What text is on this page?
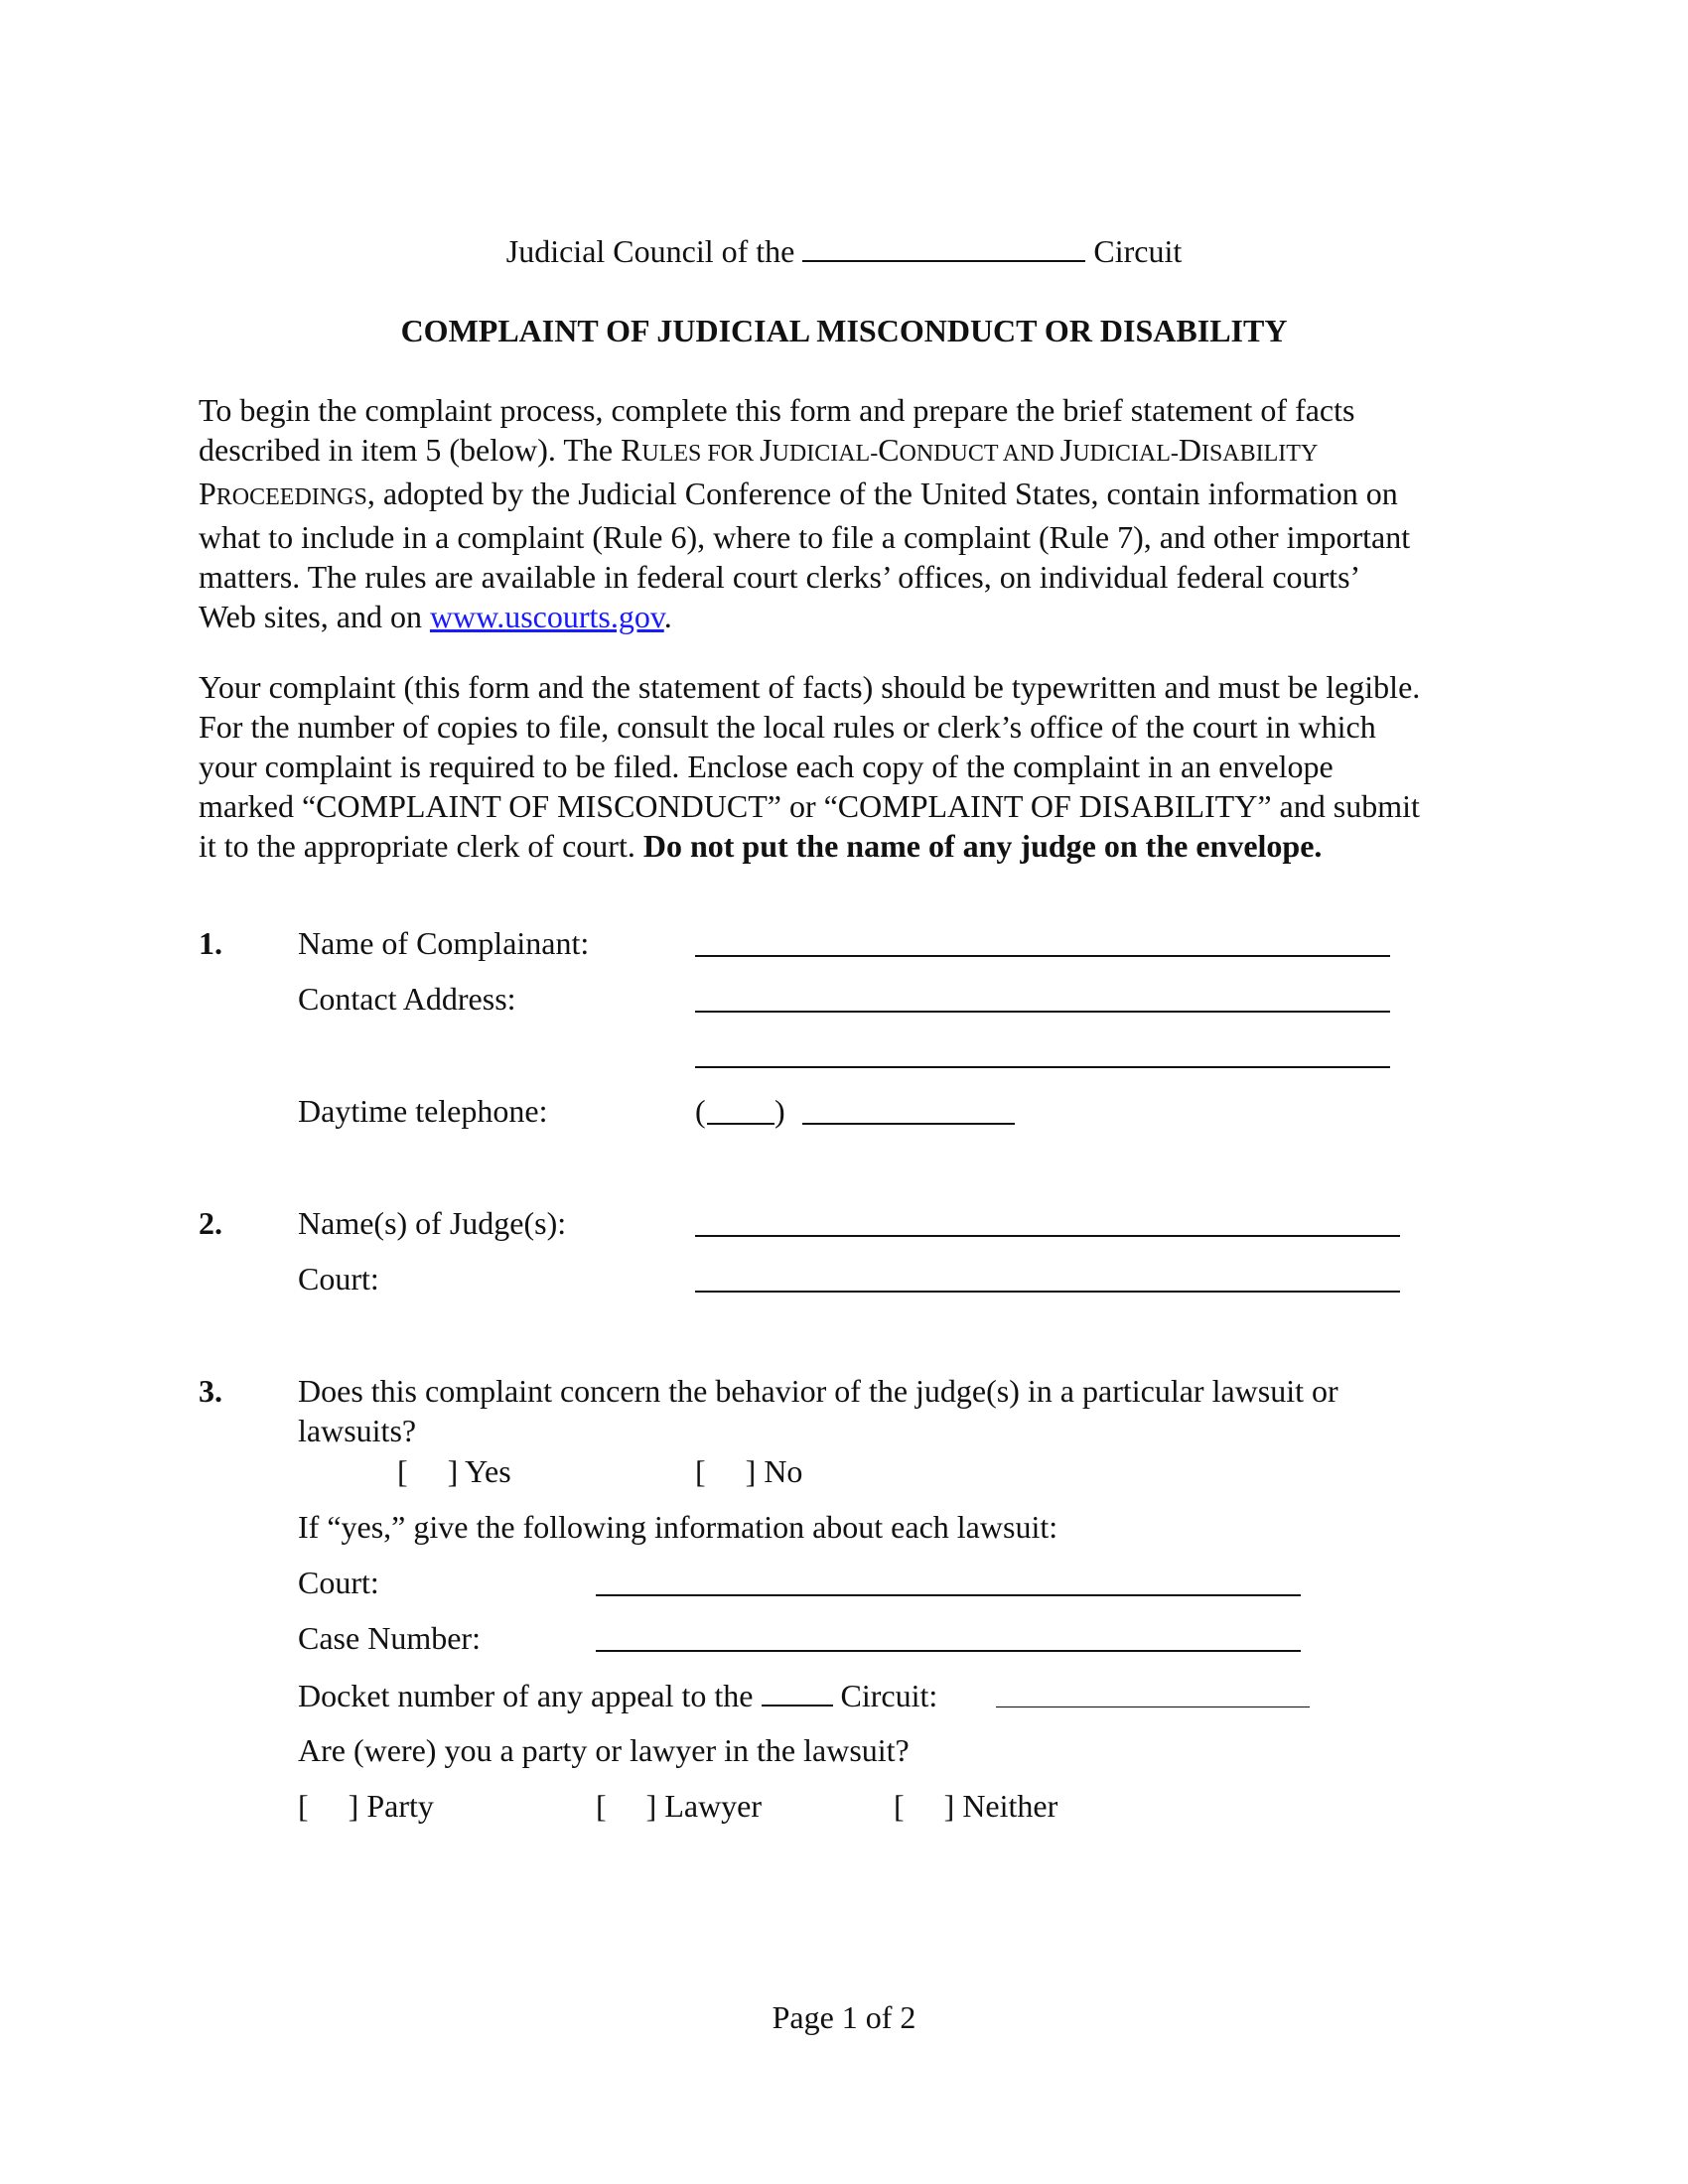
Judicial Council of the	Circuit
COMPLAINT OF JUDICIAL MISCONDUCT OR DISABILITY
To begin the complaint process, complete this form and prepare the brief statement of facts
described in item 5 (below). The RULES FOR JUDICIAL-CONDUCT AND JUDICIAL-DISABILITY
PROCEEDINGS, adopted by the Judicial Conference of the United States, contain information on
what to include in a complaint (Rule 6), where to file a complaint (Rule 7), and other important
matters. The rules are available in federal court clerks’ offices, on individual federal courts’
Web sites, and on www.uscourts.gov.
Your complaint (this form and the statement of facts) should be typewritten and must be legible.
For the number of copies to file, consult the local rules or clerk’s office of the court in which
your complaint is required to be filed. Enclose each copy of the complaint in an envelope
marked “COMPLAINT OF MISCONDUCT” or “COMPLAINT OF DISABILITY” and submit
it to the appropriate clerk of court. Do not put the name of any judge on the envelope.
1. Name of Complainant:
Contact Address:
Daytime telephone:	( )
2. Name(s) of Judge(s):
Court:
3. Does this complaint concern the behavior of the judge(s) in a particular lawsuit or
lawsuits?
[ ] Yes	[ ] No
If “yes,” give the following information about each lawsuit:
Court:
Case Number:
Docket number of any appeal to the	Circuit:
Are (were) you a party or lawyer in the lawsuit?
[ ] Party	[ ] Lawyer	[ ] Neither
Page 1 of 2
